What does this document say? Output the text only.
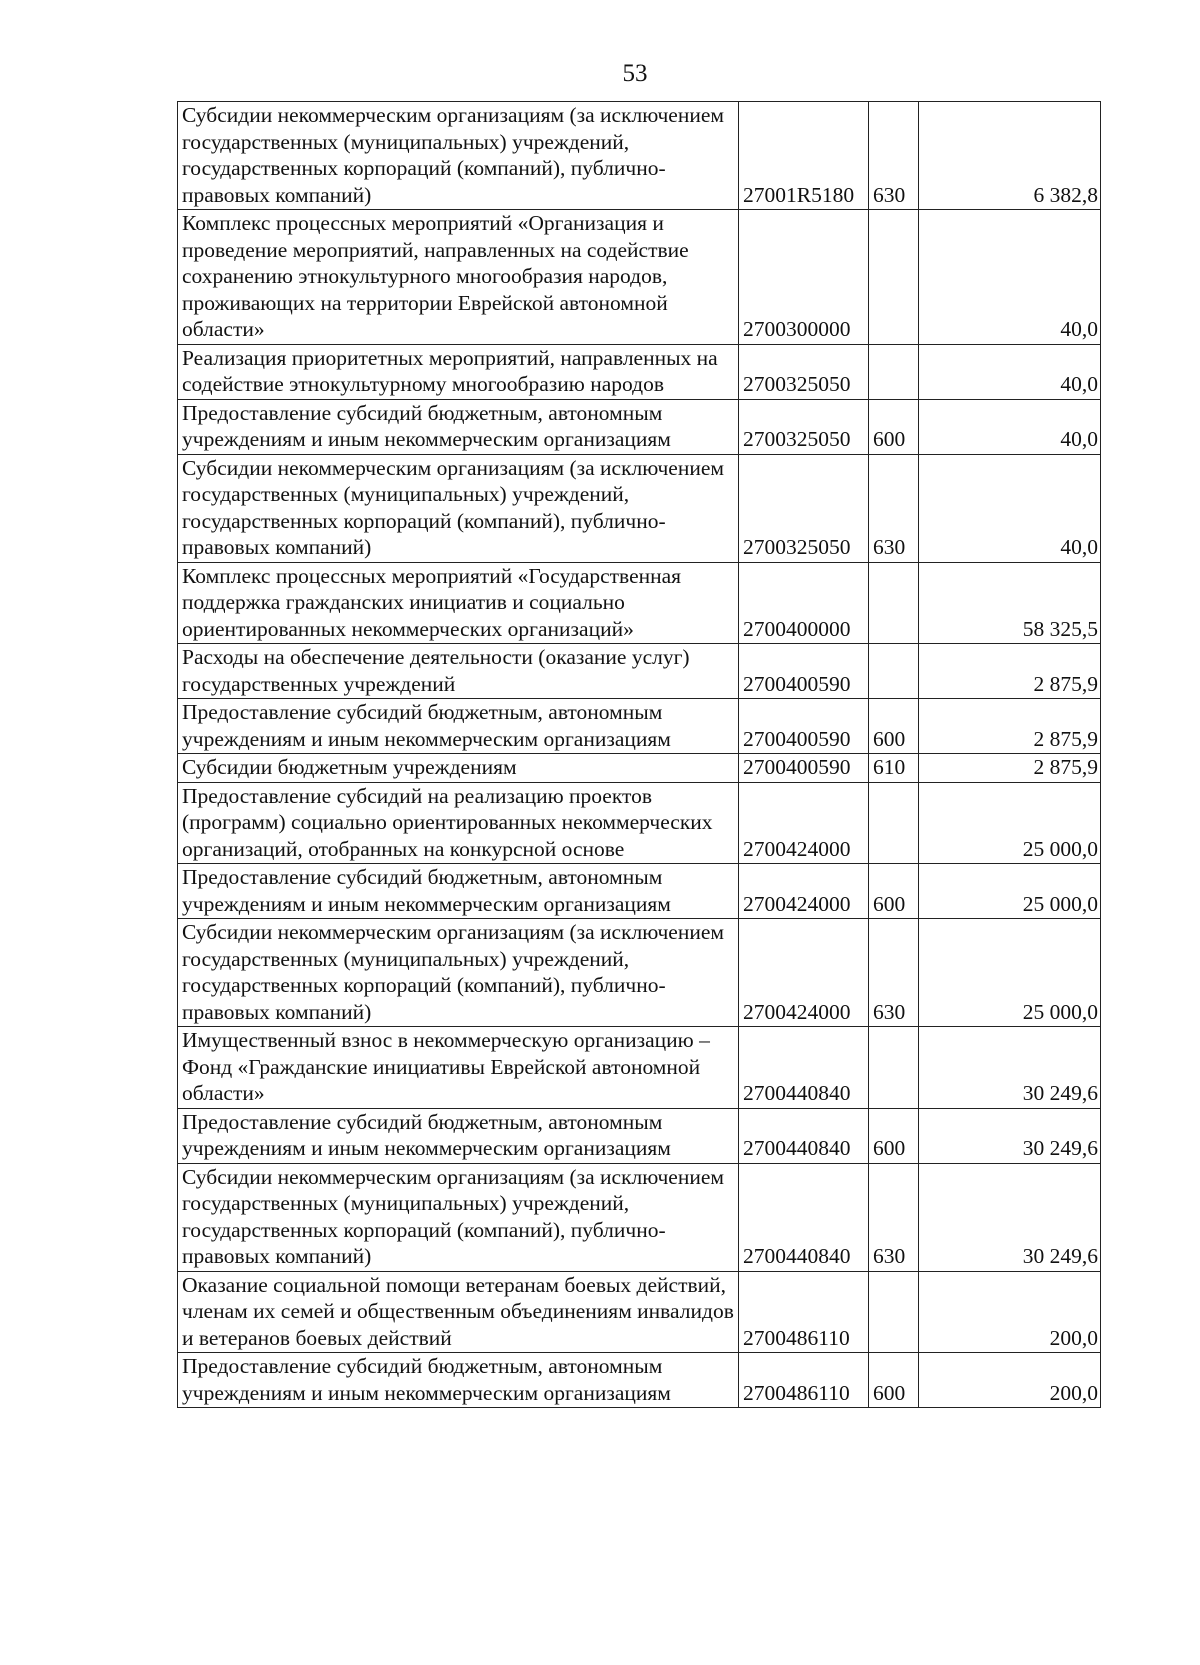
53
Субсидии некоммерческим организациям (за исключением государственных (муниципальных) учреждений, государственных корпораций (компаний), публично-правовых компаний)	27001R5180	630	6 382,8
Комплекс процессных мероприятий «Организация и проведение мероприятий, направленных на содействие сохранению этнокультурного многообразия народов, проживающих на территории Еврейской автономной области»	2700300000		40,0
Реализация приоритетных мероприятий, направленных на содействие этнокультурному многообразию народов	2700325050		40,0
Предоставление субсидий бюджетным, автономным учреждениям и иным некоммерческим организациям	2700325050	600	40,0
Субсидии некоммерческим организациям (за исключением государственных (муниципальных) учреждений, государственных корпораций (компаний), публично-правовых компаний)	2700325050	630	40,0
Комплекс процессных мероприятий «Государственная поддержка гражданских инициатив и социально ориентированных некоммерческих организаций»	2700400000		58 325,5
Расходы на обеспечение деятельности (оказание услуг) государственных учреждений	2700400590		2 875,9
Предоставление субсидий бюджетным, автономным учреждениям и иным некоммерческим организациям	2700400590	600	2 875,9
Субсидии бюджетным учреждениям	2700400590	610	2 875,9
Предоставление субсидий на реализацию проектов (программ) социально ориентированных некоммерческих организаций, отобранных на конкурсной основе	2700424000		25 000,0
Предоставление субсидий бюджетным, автономным учреждениям и иным некоммерческим организациям	2700424000	600	25 000,0
Субсидии некоммерческим организациям (за исключением государственных (муниципальных) учреждений, государственных корпораций (компаний), публично-правовых компаний)	2700424000	630	25 000,0
Имущественный взнос в некоммерческую организацию – Фонд «Гражданские инициативы Еврейской автономной области»	2700440840		30 249,6
Предоставление субсидий бюджетным, автономным учреждениям и иным некоммерческим организациям	2700440840	600	30 249,6
Субсидии некоммерческим организациям (за исключением государственных (муниципальных) учреждений, государственных корпораций (компаний), публично-правовых компаний)	2700440840	630	30 249,6
Оказание социальной помощи ветеранам боевых действий, членам их семей и общественным объединениям инвалидов и ветеранов боевых действий	2700486110		200,0
Предоставление субсидий бюджетным, автономным учреждениям и иным некоммерческим организациям	2700486110	600	200,0
